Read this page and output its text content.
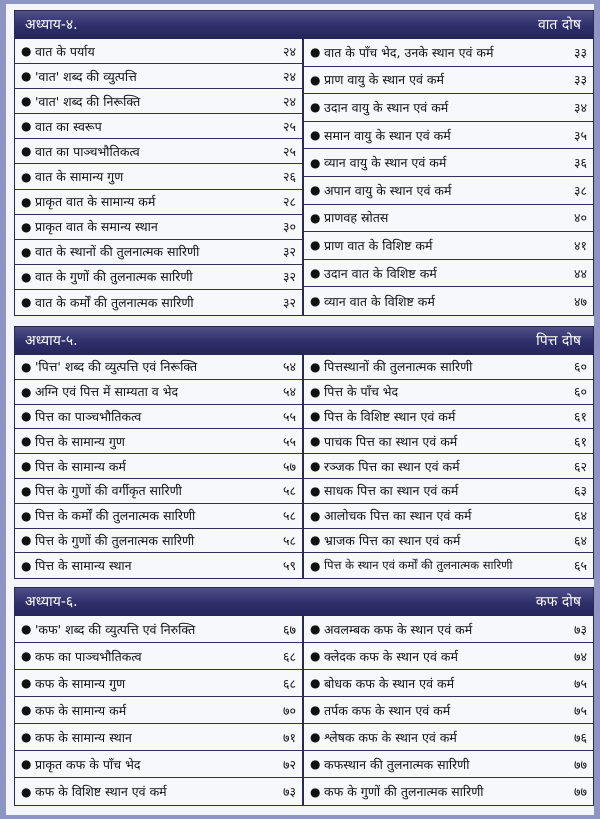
अध्याय-४.	वात दोष
● वात के पर्याय	२४
● 'वात' शब्द की व्युत्पत्ति	२४
● 'वात' शब्द की निरूक्ति	२४
● वात का स्वरूप	२५
● वात का पाञ्चभौतिकत्व	२५
● वात के सामान्य गुण	२६
● प्राकृत वात के सामान्य कर्म	२८
● प्राकृत वात के समान्य स्थान	३०
● वात के स्थानों की तुलनात्मक सारिणी	३२
● वात के गुणों की तुलनात्मक सारिणी	३२
● वात के कर्मों की तुलनात्मक सारिणी	३२
● वात के पाँच भेद, उनके स्थान एवं कर्म	३३
● प्राण वायु के स्थान एवं कर्म	३३
● उदान वायु के स्थान एवं कर्म	३४
● समान वायु के स्थान एवं कर्म	३५
● व्यान वायु के स्थान एवं कर्म	३६
● अपान वायु के स्थान एवं कर्म	३८
● प्राणवह स्रोतस	४०
● प्राण वात के विशिष्ट कर्म	४१
● उदान वात के विशिष्ट कर्म	४४
● व्यान वात के विशिष्ट कर्म	४७
अध्याय-५.	पित्त दोष
● 'पित्त' शब्द की व्युत्पत्ति एवं निरूक्ति	५४
● अग्नि एवं पित्त में साम्यता व भेद	५४
● पित्त का पाञ्चभौतिकत्व	५५
● पित्त के सामान्य गुण	५५
● पित्त के सामान्य कर्म	५७
● पित्त के गुणों की वर्गीकृत सारिणी	५८
● पित्त के कर्मों की तुलनात्मक सारिणी	५८
● पित्त के गुणों की तुलनात्मक सारिणी	५८
● पित्त के सामान्य स्थान	५९
● पित्तस्थानों की तुलनात्मक सारिणी	६०
● पित्त के पाँच भेद	६०
● पित्त के विशिष्ट स्थान एवं कर्म	६१
● पाचक पित्त का स्थान एवं कर्म	६१
● रञ्जक पित्त का स्थान एवं कर्म	६२
● साधक पित्त का स्थान एवं कर्म	६३
● आलोचक पित्त का स्थान एवं कर्म	६४
● भ्राजक पित्त का स्थान एवं कर्म	६४
● पित्त के स्थान एवं कर्मों की तुलनात्मक सारिणी	६५
अध्याय-६.	कफ दोष
● 'कफ' शब्द की व्युत्पत्ति एवं निरुक्ति	६७
● कफ का पाञ्चभौतिकत्व	६८
● कफ के सामान्य गुण	६८
● कफ के सामान्य कर्म	७०
● कफ के सामान्य स्थान	७१
● प्राकृत कफ के पाँच भेद	७२
● कफ के विशिष्ट स्थान एवं कर्म	७३
● अवलम्बक कफ के स्थान एवं कर्म	७३
● क्लेदक कफ के स्थान एवं कर्म	७४
● बोधक कफ के स्थान एवं कर्म	७५
● तर्पक कफ के स्थान एवं कर्म	७५
● श्लेषक कफ के स्थान एवं कर्म	७६
● कफस्थान की तुलनात्मक सारिणी	७७
● कफ के गुणों की तुलनात्मक सारिणी	७७
